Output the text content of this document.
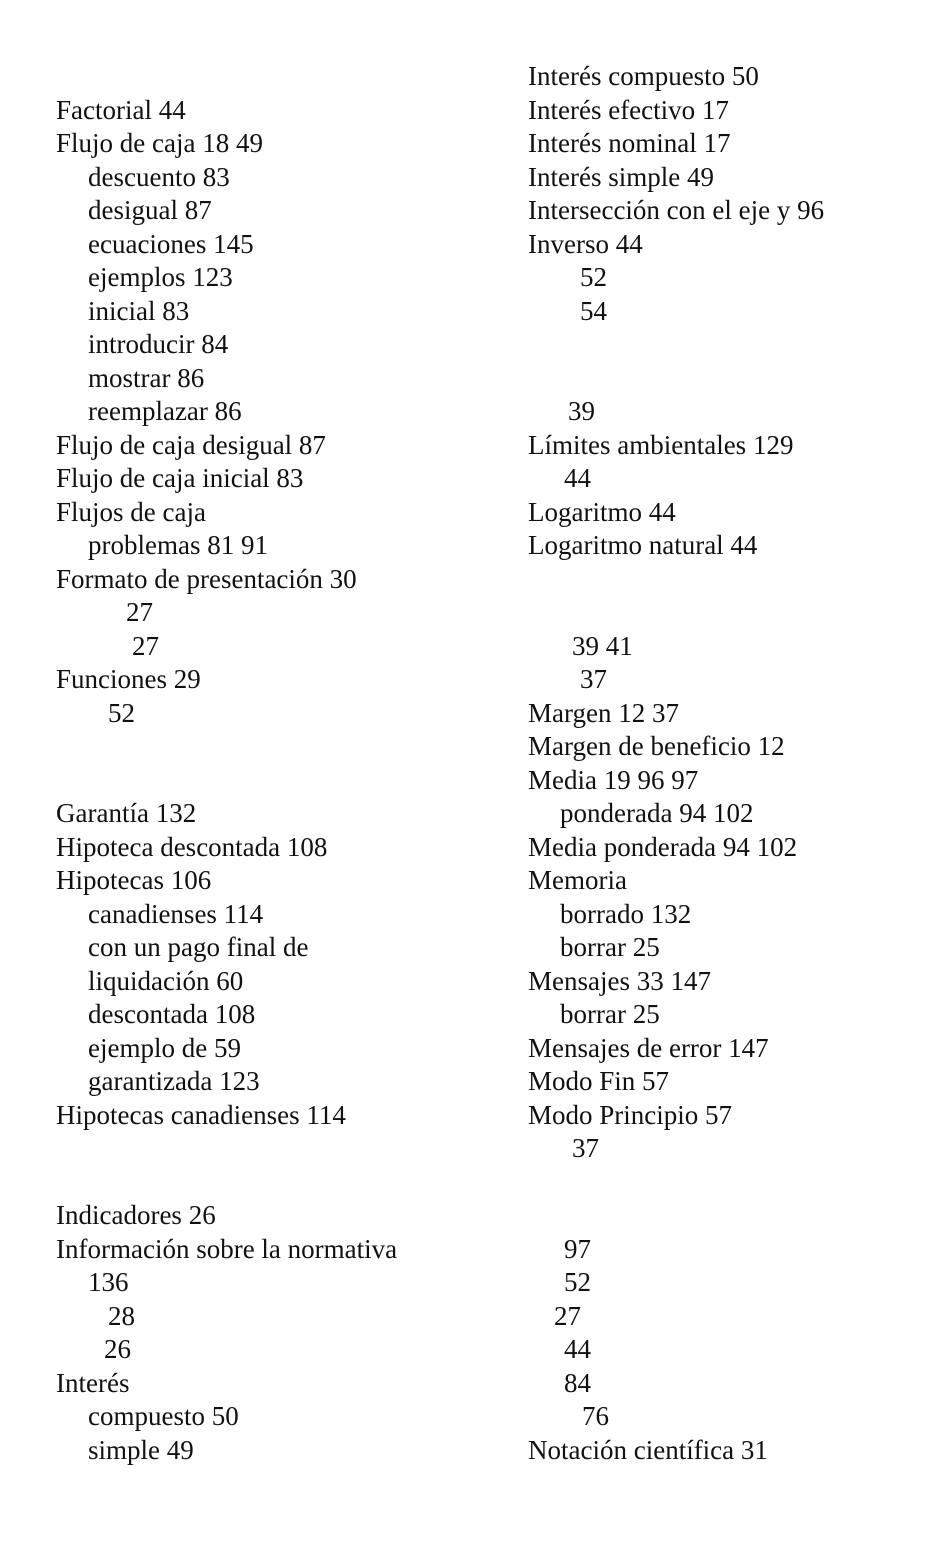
Factorial 44
Flujo de caja 18 49
descuento 83
desigual 87
ecuaciones 145
ejemplos 123
inicial 83
introducir 84
mostrar 86
reemplazar 86
Flujo de caja desigual 87
Flujo de caja inicial 83
Flujos de caja
problemas 81 91
Formato de presentación 30
27
27
Funciones 29
52
Garantía 132
Hipoteca descontada 108
Hipotecas 106
canadienses 114
con un pago final de
liquidación 60
descontada 108
ejemplo de 59
garantizada 123
Hipotecas canadienses 114
Indicadores 26
Información sobre la normativa
136
28
26
Interés
compuesto 50
simple 49
Interés compuesto 50
Interés efectivo 17
Interés nominal 17
Interés simple 49
Intersección con el eje y 96
Inverso 44
52
54
39
Límites ambientales 129
44
Logaritmo 44
Logaritmo natural 44
39 41
37
Margen 12 37
Margen de beneficio 12
Media 19 96 97
ponderada 94 102
Media ponderada 94 102
Memoria
borrado 132
borrar 25
Mensajes 33 147
borrar 25
Mensajes de error 147
Modo Fin 57
Modo Principio 57
37
97
52
27
44
84
76
Notación científica 31
